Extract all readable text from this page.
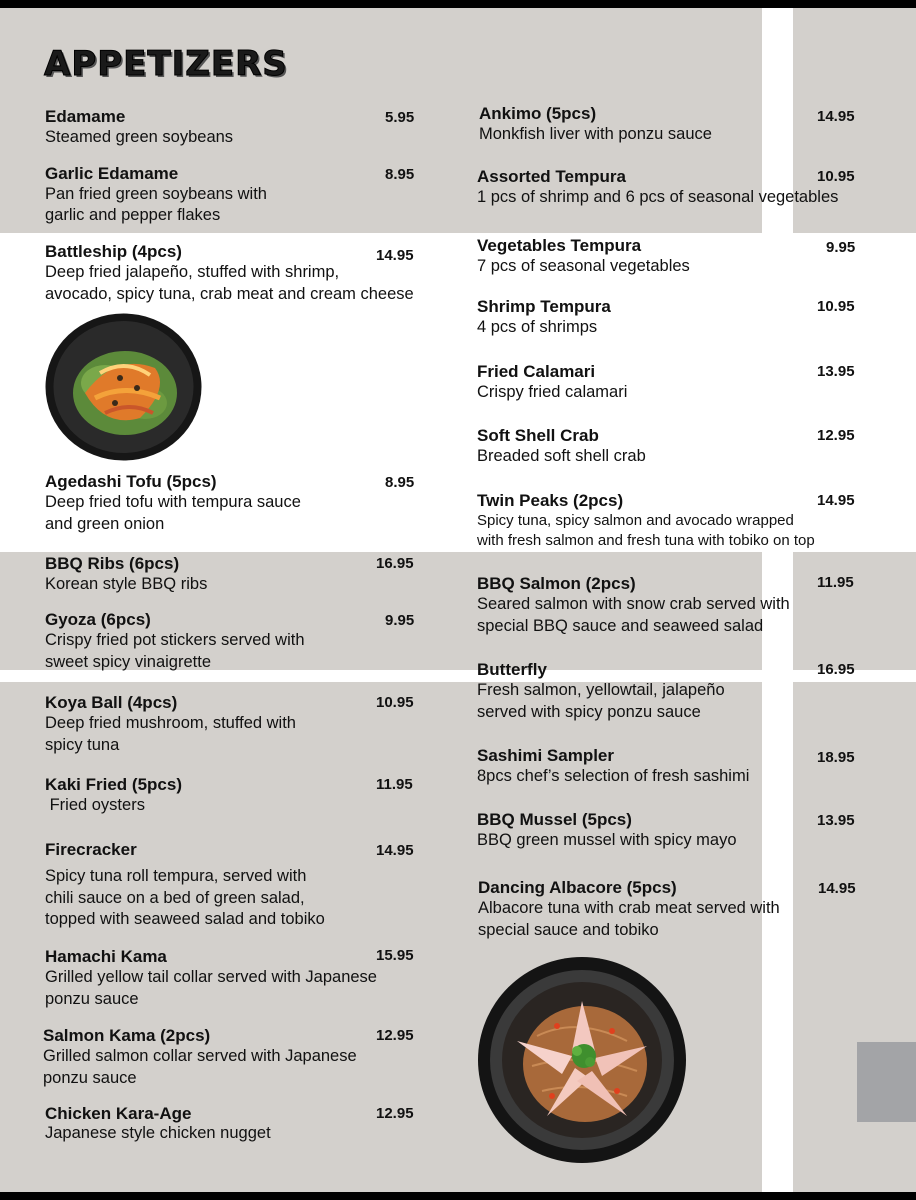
APPETIZERS
Edamame
Steamed green soybeans
5.95
Garlic Edamame
Pan fried green soybeans with
garlic and pepper flakes
8.95
Battleship (4pcs)
Deep fried jalapeño, stuffed with shrimp,
avocado, spicy tuna, crab meat and cream cheese
14.95
Agedashi Tofu (5pcs)
Deep fried tofu with tempura sauce
and green onion
8.95
BBQ Ribs (6pcs)
Korean style BBQ ribs
16.95
Gyoza (6pcs)
Crispy fried pot stickers served with
sweet spicy vinaigrette
9.95
Koya Ball (4pcs)
Deep fried mushroom, stuffed with
spicy tuna
10.95
Kaki Fried (5pcs)
Fried oysters
11.95
Firecracker
Spicy tuna roll tempura, served with
chili sauce on a bed of green salad,
topped with seaweed salad and tobiko
14.95
Hamachi Kama
Grilled yellow tail collar served with Japanese
ponzu sauce
15.95
Salmon Kama (2pcs)
Grilled salmon collar served with Japanese
ponzu sauce
12.95
Chicken Kara-Age
Japanese style chicken nugget
12.95
Ankimo (5pcs)
Monkfish liver with ponzu sauce
14.95
Assorted Tempura
1 pcs of shrimp and 6 pcs of seasonal vegetables
10.95
Vegetables Tempura
7 pcs of seasonal vegetables
9.95
Shrimp Tempura
4 pcs of shrimps
10.95
Fried Calamari
Crispy fried calamari
13.95
Soft Shell Crab
Breaded soft shell crab
12.95
Twin Peaks (2pcs)
Spicy tuna, spicy salmon and avocado wrapped
with fresh salmon and fresh tuna with tobiko on top
14.95
BBQ Salmon (2pcs)
Seared salmon with snow crab served with
special BBQ sauce and seaweed salad
11.95
Butterfly
Fresh salmon, yellowtail, jalapeño
served with spicy ponzu sauce
16.95
Sashimi Sampler
8pcs chef’s selection of fresh sashimi
18.95
BBQ Mussel (5pcs)
BBQ green mussel with spicy mayo
13.95
Dancing Albacore (5pcs)
Albacore tuna with crab meat served with
special sauce and tobiko
14.95
